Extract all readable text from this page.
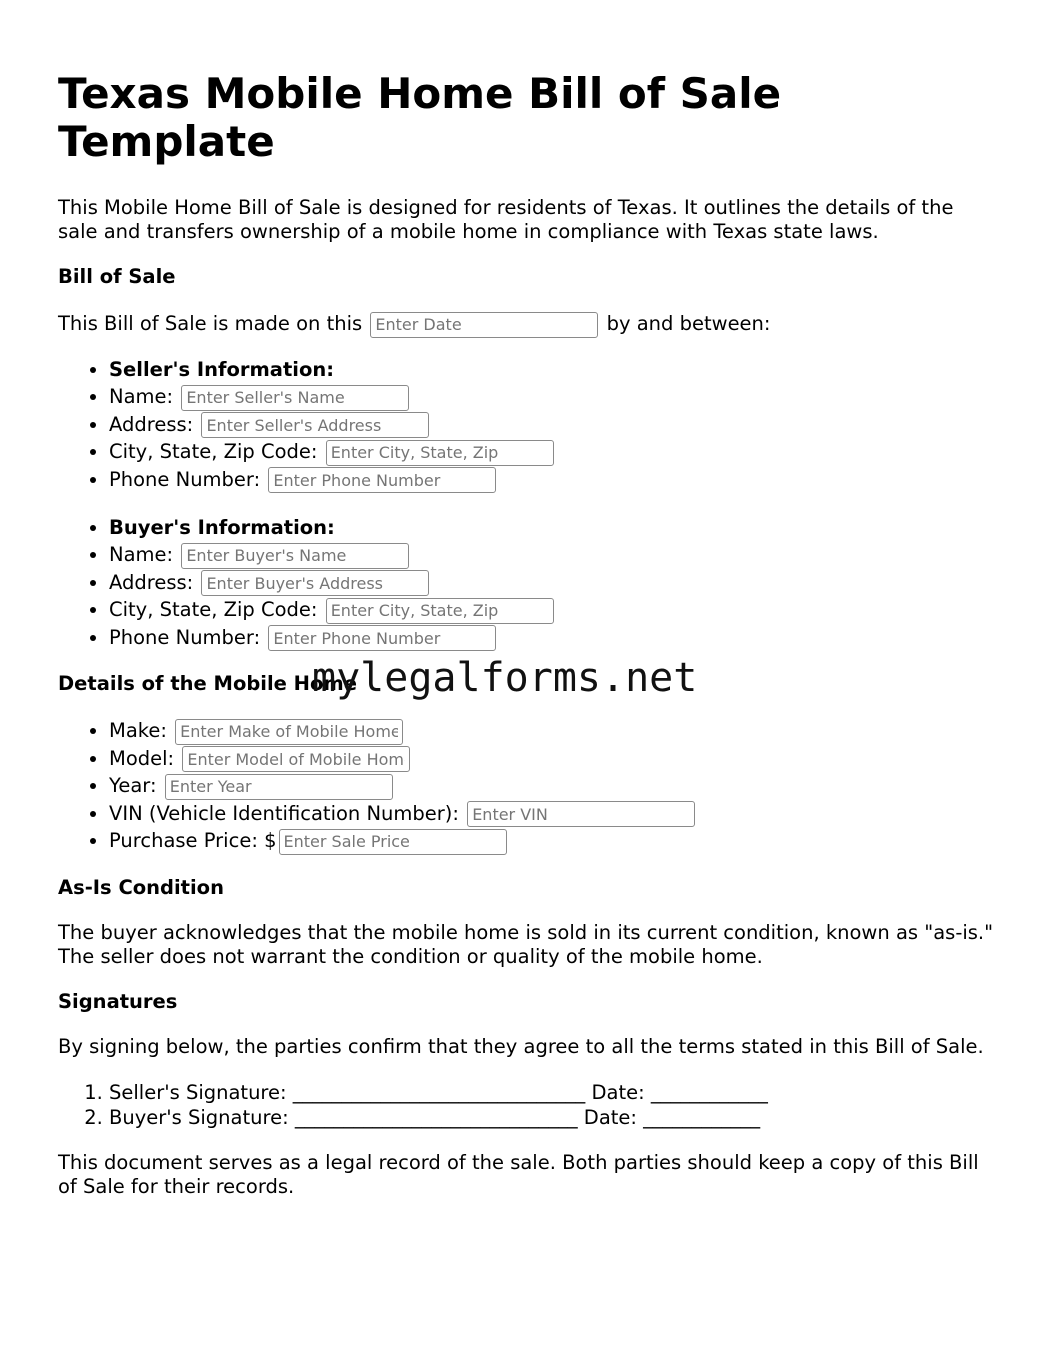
Texas Mobile Home Bill of Sale Template

This Mobile Home Bill of Sale is designed for residents of Texas. It outlines the details of the sale and transfers ownership of a mobile home in compliance with Texas state laws.

Bill of Sale
This Bill of Sale is made on this Enter Date	by and between:
• Seller's Information:
• Name: Enter Seller's Name
• Address: Enter Seller's Address
• City, State, Zip Code: Enter City, State, Zip
• Phone Number: Enter Phone Number
• Buyer's Information:
• Name: Enter Buyer's Name
• Address: Enter Buyer's Address
• City, State, Zip Code: Enter City, State, Zip
• Phone Number: Enter Phone Number
Details of the Mobile Home
• Make: Enter Make of Mobile Home
• Model: Enter Model of Mobile Home
• Year: Enter Year
• VIN (Vehicle Identification Number): Enter VIN
• Purchase Price: $Enter Sale Price
As-Is Condition

The buyer acknowledges that the mobile home is sold in its current condition, known as "as-is." The seller does not warrant the condition or quality of the mobile home.

Signatures

By signing below, the parties confirm that they agree to all the terms stated in this Bill of Sale.

1. Seller's Signature: ______________________________ Date: ____________
2. Buyer's Signature: _____________________________ Date: ____________

This document serves as a legal record of the sale. Both parties should keep a copy of this Bill of Sale for their records.

mylegalforms.net
